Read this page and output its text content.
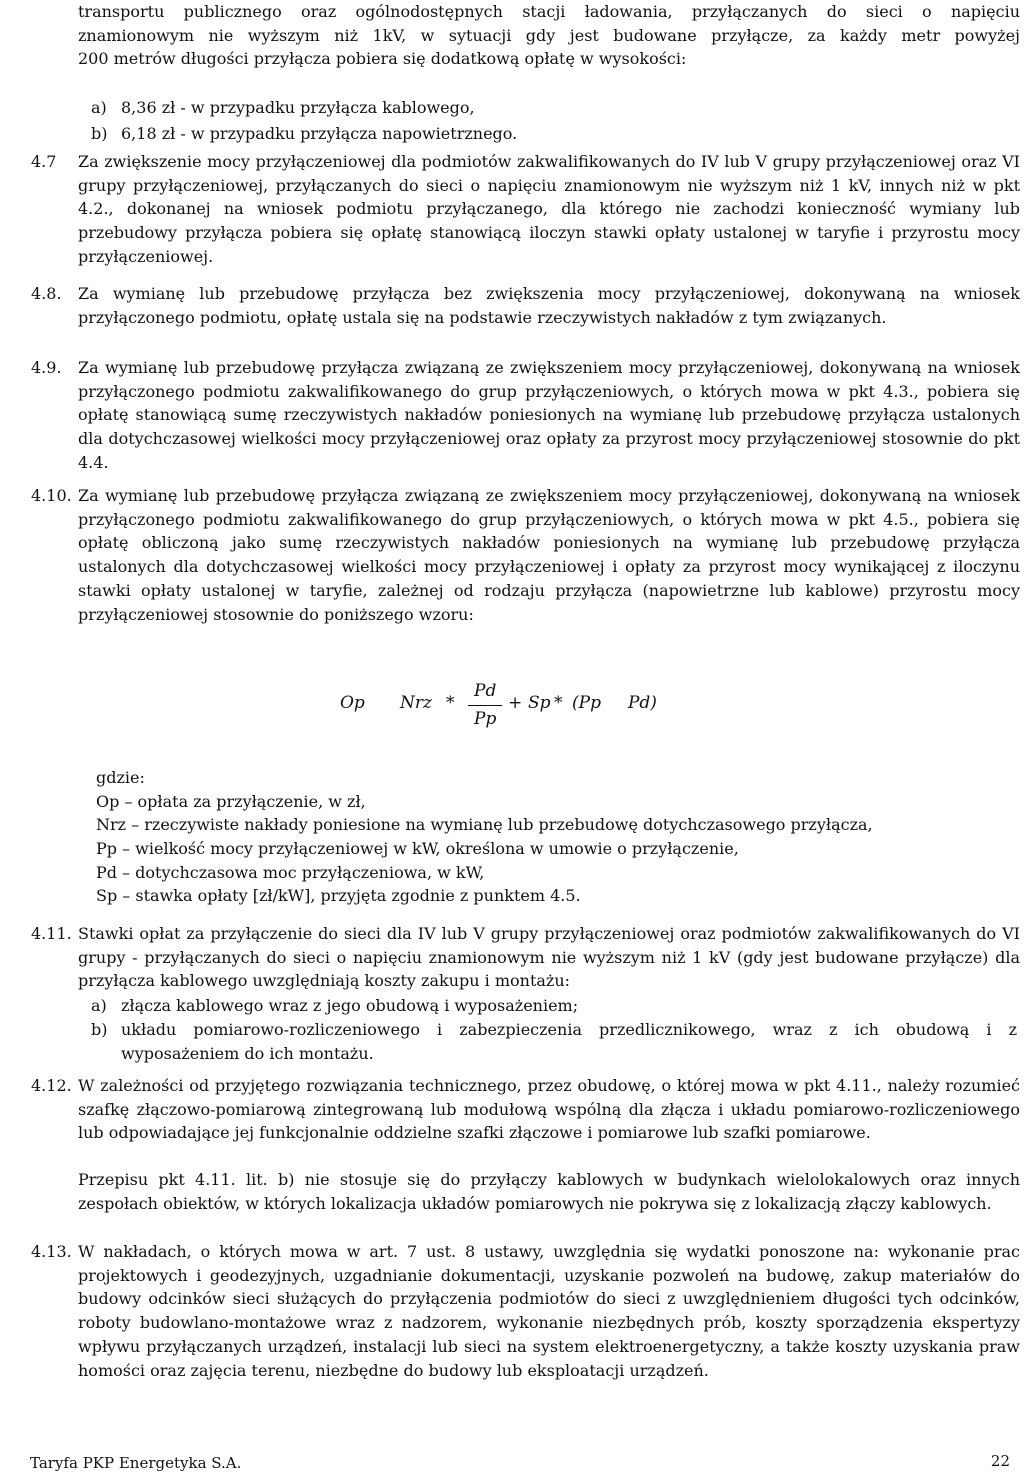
transportu publicznego oraz ogólnodostępnych stacji ładowania, przyłączanych do sieci o napięciu
znamionowym nie wyższym niż 1kV, w sytuacji gdy jest budowane przyłącze, za każdy metr powyżej
200 metrów długości przyłącza pobiera się dodatkową opłatę w wysokości:
a) 8,36 zł - w przypadku przyłącza kablowego,
b) 6,18 zł - w przypadku przyłącza napowietrznego.
4.7 Za zwiększenie mocy przyłączeniowej dla podmiotów zakwalifikowanych do IV lub V grupy przyłączeniowej oraz VI grupy przyłączeniowej, przyłączanych do sieci o napięciu znamionowym nie wyższym niż 1 kV, innych niż w pkt 4.2., dokonanej na wniosek podmiotu przyłączanego, dla którego nie zachodzi konieczność wymiany lub przebudowy przyłącza pobiera się opłatę stanowiącą iloczyn stawki opłaty ustalonej w taryfie i przyrostu mocy przyłączeniowej.
4.8. Za wymianę lub przebudowę przyłącza bez zwiększenia mocy przyłączeniowej, dokonywaną na wniosek przyłączonego podmiotu, opłatę ustala się na podstawie rzeczywistych nakładów z tym związanych.
4.9. Za wymianę lub przebudowę przyłącza związaną ze zwiększeniem mocy przyłączeniowej, dokonywaną na wniosek przyłączonego podmiotu zakwalifikowanego do grup przyłączeniowych, o których mowa w pkt 4.3., pobiera się opłatę stanowiącą sumę rzeczywistych nakładów poniesionych na wymianę lub przebudowę przyłącza ustalonych dla dotychczasowej wielkości mocy przyłączeniowej oraz opłaty za przyrost mocy przyłączeniowej stosownie do pkt 4.4.
4.10. Za wymianę lub przebudowę przyłącza związaną ze zwiększeniem mocy przyłączeniowej, dokonywaną na wniosek przyłączonego podmiotu zakwalifikowanego do grup przyłączeniowych, o których mowa w pkt 4.5., pobiera się opłatę obliczoną jako sumę rzeczywistych nakładów poniesionych na wymianę lub przebudowę przyłącza ustalonych dla dotychczasowej wielkości mocy przyłączeniowej i opłaty za przyrost mocy wynikającej z iloczynu stawki opłaty ustalonej w taryfie, zależnej od rodzaju przyłącza (napowietrzne lub kablowe) przyrostu mocy przyłączeniowej stosownie do poniższego wzoru:
Op Nrz *
Pd
Pp
+ Sp * (Pp     Pd)
gdzie:
Op – opłata za przyłączenie, w zł,
Nrz – rzeczywiste nakłady poniesione na wymianę lub przebudowę dotychczasowego przyłącza,
Pp – wielkość mocy przyłączeniowej w kW, określona w umowie o przyłączenie,
Pd – dotychczasowa moc przyłączeniowa, w kW,
Sp – stawka opłaty [zł/kW], przyjęta zgodnie z punktem 4.5.
4.11. Stawki opłat za przyłączenie do sieci dla IV lub V grupy przyłączeniowej oraz podmiotów zakwalifikowanych do VI grupy - przyłączanych do sieci o napięciu znamionowym nie wyższym niż 1 kV (gdy jest budowane przyłącze) dla przyłącza kablowego uwzględniają koszty zakupu i montażu:
a) złącza kablowego wraz z jego obudową i wyposażeniem;
b) układu pomiarowo-rozliczeniowego i zabezpieczenia przedlicznikowego, wraz z ich obudową i z wyposażeniem do ich montażu.
4.12. W zależności od przyjętego rozwiązania technicznego, przez obudowę, o której mowa w pkt 4.11., należy rozumieć szafkę złączowo-pomiarową zintegrowaną lub modułową wspólną dla złącza i układu pomiarowo-rozliczeniowego lub odpowiadające jej funkcjonalnie oddzielne szafki złączowe i pomiarowe lub szafki pomiarowe.
Przepisu pkt 4.11. lit. b) nie stosuje się do przyłączy kablowych w budynkach wielolokalowych oraz innych zespołach obiektów, w których lokalizacja układów pomiarowych nie pokrywa się z lokalizacją złączy kablowych.
4.13. W nakładach, o których mowa w art. 7 ust. 8 ustawy, uwzględnia się wydatki ponoszone na: wykonanie prac projektowych i geodezyjnych, uzgadnianie dokumentacji, uzyskanie pozwoleń na budowę, zakup materiałów do budowy odcinków sieci służących do przyłączenia podmiotów do sieci z uwzględnieniem długości tych odcinków, roboty budowlano-montażowe wraz z nadzorem, wykonanie niezbędnych prób, koszty sporządzenia ekspertyzy wpływu przyłączanych urządzeń, instalacji lub sieci na system elektroenergetyczny, a także koszty uzyskania praw homości oraz zajęcia terenu, niezbędne do budowy lub eksploatacji urządzeń.
Taryfa PKP Energetyka S.A.	22
